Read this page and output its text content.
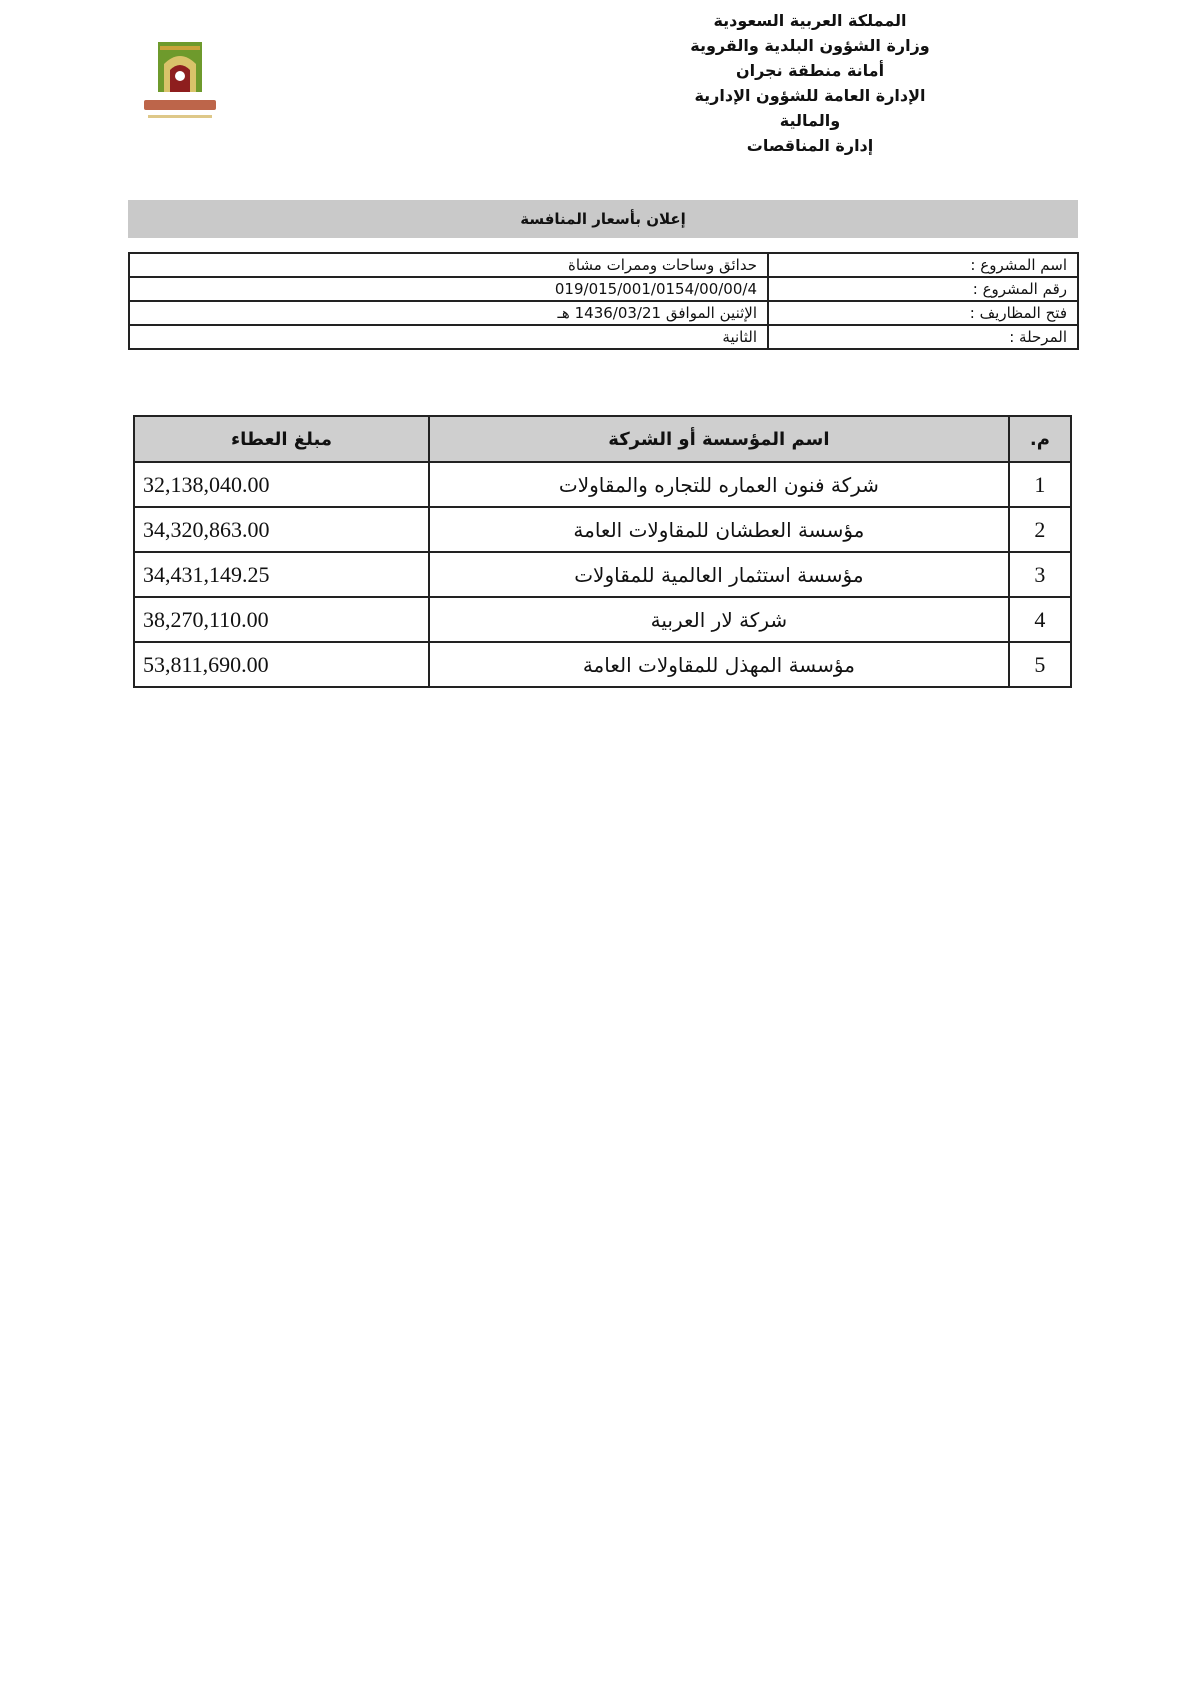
المملكة العربية السعودية
وزارة الشؤون البلدية والقروية
أمانة منطقة نجران
الإدارة العامة للشؤون الإدارية
والمالية
إدارة المناقصات
إعلان بأسعار المنافسة
اسم المشروع :	حدائق وساحات وممرات مشاة
رقم المشروع :	019/015/001/0154/00/00/4
فتح المظاريف :	الإثنين الموافق 1436/03/21 هـ
المرحلة :	الثانية
م.	اسم المؤسسة أو الشركة	مبلغ العطاء
1	شركة فنون العماره للتجاره والمقاولات	32,138,040.00
2	مؤسسة العطشان للمقاولات العامة	34,320,863.00
3	مؤسسة استثمار العالمية للمقاولات	34,431,149.25
4	شركة لار العربية	38,270,110.00
5	مؤسسة المهذل للمقاولات العامة	53,811,690.00
